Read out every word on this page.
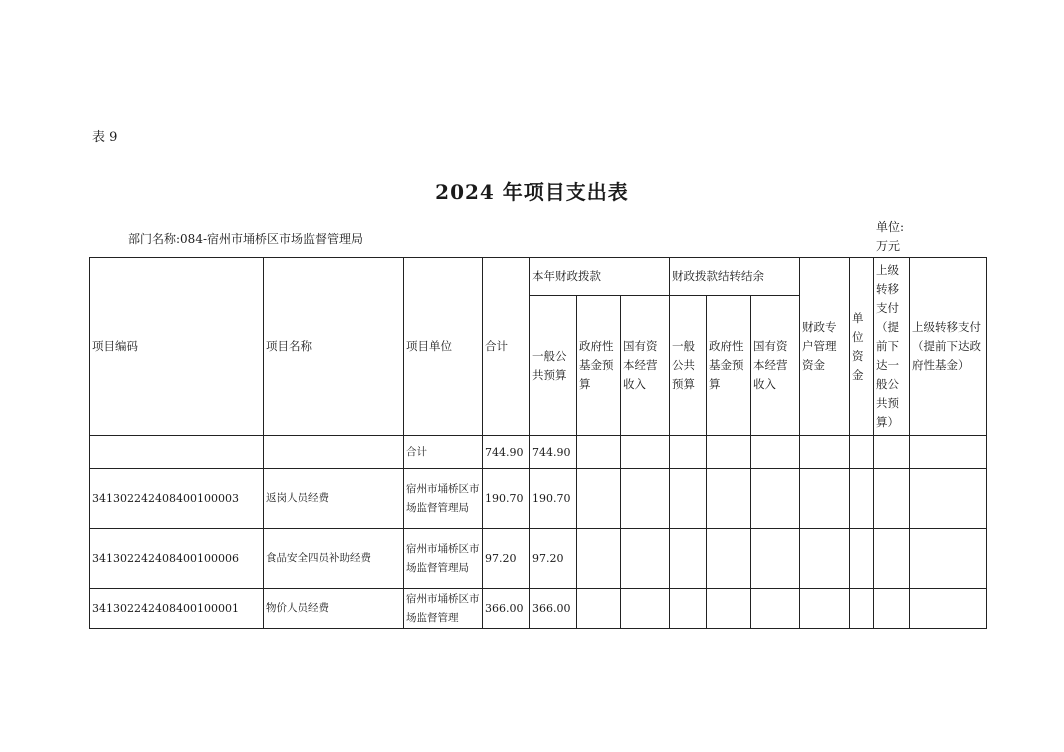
表 9
2024 年项目支出表
部门名称:084-宿州市埇桥区市场监督管理局
单位:
万元
项目编码	项目名称	项目单位	合计	本年财政拨款			财政拨款结转结余			财政专户管理资金	单位资金	上级转移支付（提前下达一般公共预算）	上级转移支付（提前下达政府性基金）
				一般公共预算	政府性基金预算	国有资本经营收入	一般公共预算	政府性基金预算	国有资本经营收入				
		合计	744.90	744.90									
341302242408400100003	返岗人员经费	宿州市埇桥区市场监督管理局	190.70	190.70									
341302242408400100006	食品安全四员补助经费	宿州市埇桥区市场监督管理局	97.20	97.20									
341302242408400100001	物价人员经费	宿州市埇桥区市场监督管理	366.00	366.00									
